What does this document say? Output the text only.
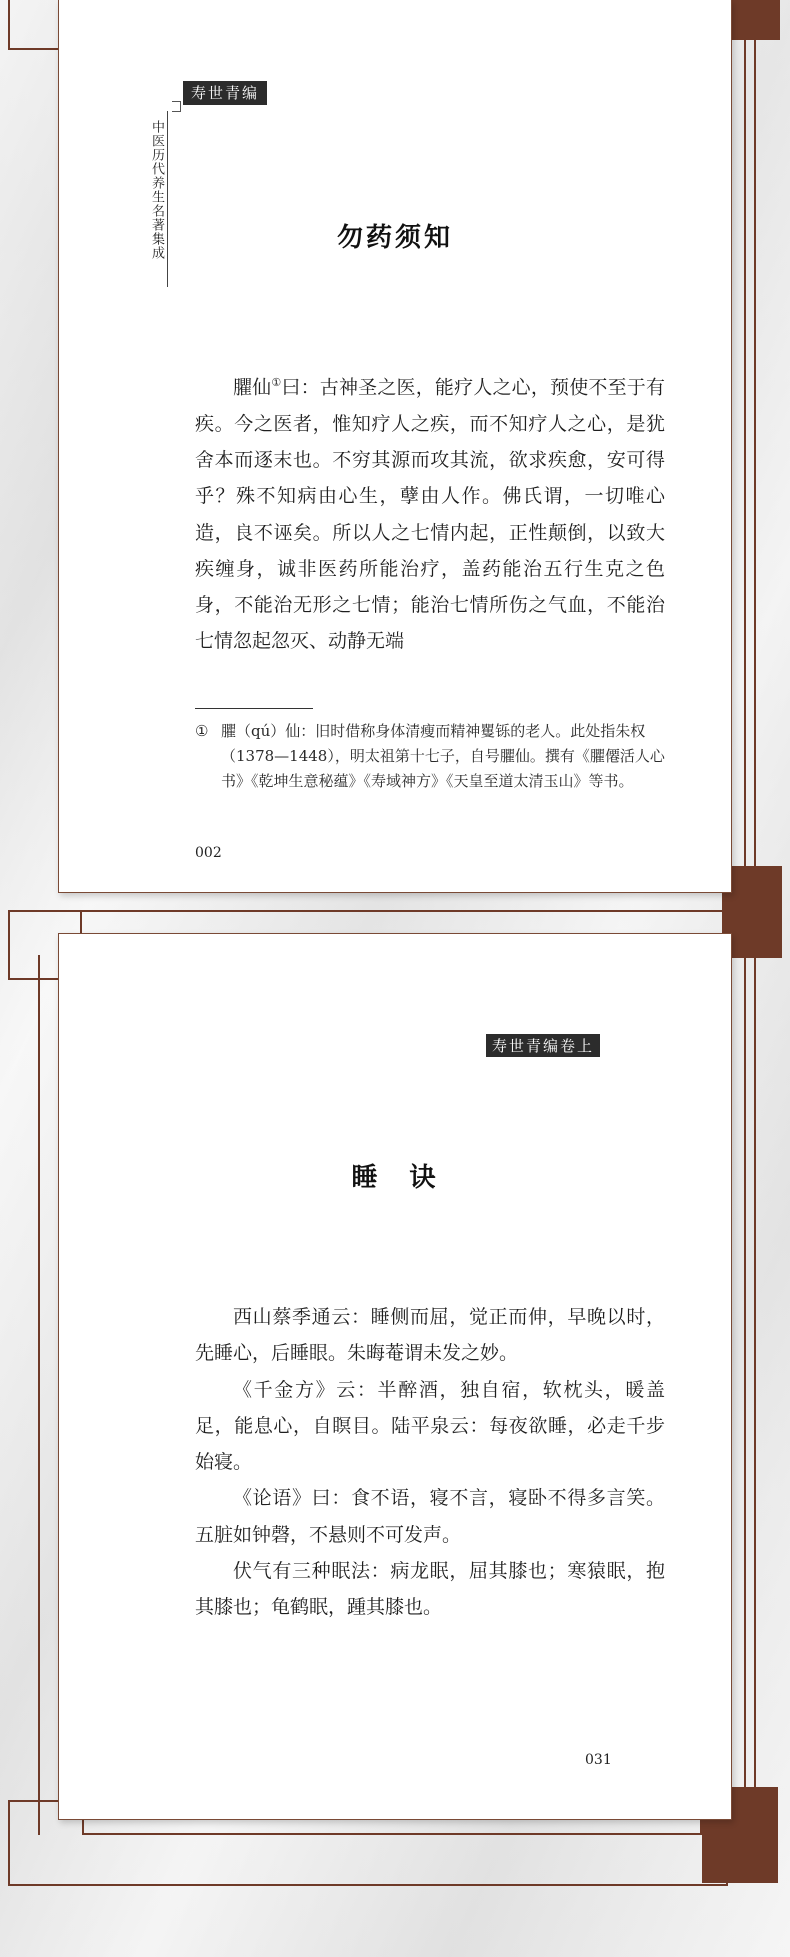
寿世青编
中医历代养生名著集成	勿药须知

臞仙①曰：古神圣之医，能疗人之心，预使不至于有疾。今之医者，惟知疗人之疾，而不知疗人之心，是犹舍本而逐末也。不穷其源而攻其流，欲求疾愈，安可得乎？殊不知病由心生，孽由人作。佛氏谓，一切唯心造，良不诬矣。所以人之七情内起，正性颠倒，以致大疾缠身，诚非医药所能治疗，盖药能治五行生克之色身，不能治无形之七情；能治七情所伤之气血，不能治七情忽起忽灭、动静无端

① 臞（qú）仙：旧时借称身体清瘦而精神矍铄的老人。此处指朱权（1378—1448），明太祖第十七子，自号臞仙。撰有《臞僊活人心书》《乾坤生意秘蕴》《寿域神方》《天皇至道太清玉山》等书。
002
寿世青编卷上
睡　诀

西山蔡季通云：睡侧而屈，觉正而伸，早晚以时，先睡心，后睡眼。朱晦菴谓未发之妙。

《千金方》云：半醉酒，独自宿，软枕头，暖盖足，能息心，自瞑目。陆平泉云：每夜欲睡，必走千步始寝。

《论语》曰：食不语，寝不言，寝卧不得多言笑。五脏如钟磬，不悬则不可发声。

伏气有三种眠法：病龙眠，屈其膝也；寒猿眠，抱其膝也；龟鹤眠，踵其膝也。

031
